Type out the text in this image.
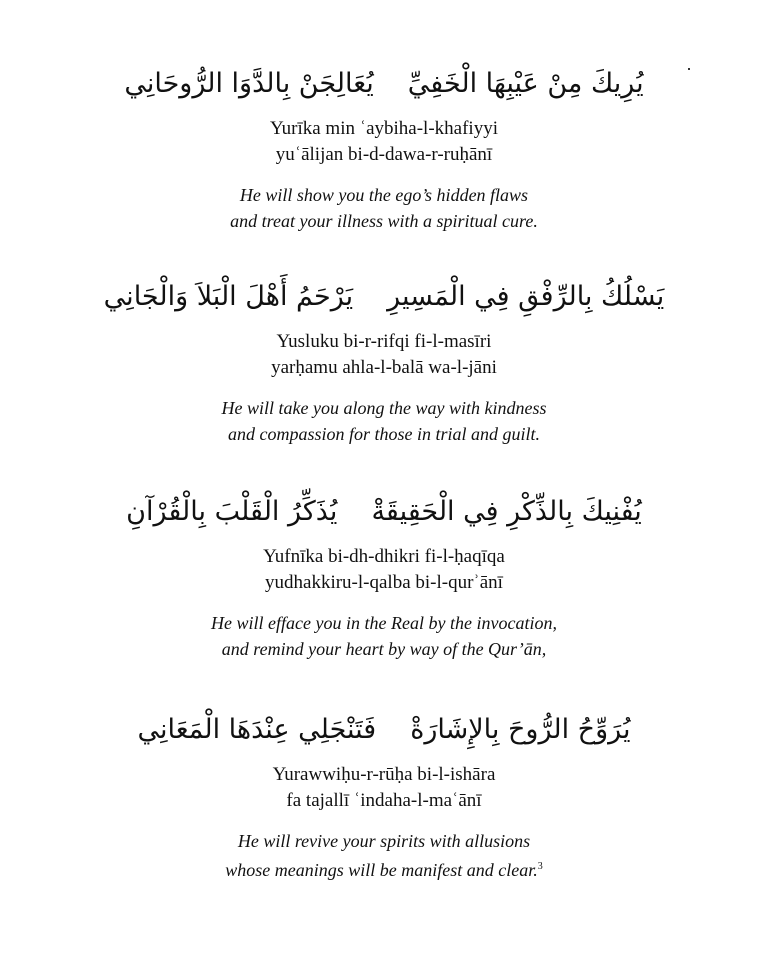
يُرِيكَ مِنْ عَيْبِهَا الْخَفِيِّيُعَالِجَنْ بِالدَّوَا الرُّوحَانِي

Yurīka min ʿaybiha-l-khafiyyi

yuʿālijan bi-d-dawa-r-ruḥānī

He will show you the ego’s hidden flaws

and treat your illness with a spiritual cure.

يَسْلُكُ بِالرِّفْقِ فِي الْمَسِيرِيَرْحَمُ أَهْلَ الْبَلاَ وَالْجَانِي

Yusluku bi-r-rifqi fi-l-masīri

yarḥamu ahla-l-balā wa-l-jāni

He will take you along the way with kindness

and compassion for those in trial and guilt.

يُفْنِيكَ بِالذِّكْرِ فِي الْحَقِيقَةْيُذَكِّرُ الْقَلْبَ بِالْقُرْآنِ

Yufnīka bi-dh-dhikri fi-l-ḥaqīqa

yudhakkiru-l-qalba bi-l-qurʾānī

He will efface you in the Real by the invocation,

and remind your heart by way of the Qur’ān,

يُرَوِّحُ الرُّوحَ بِالإِشَارَةْفَتَنْجَلِي عِنْدَهَا الْمَعَانِي

Yurawwiḥu-r-rūḥa bi-l-ishāra

fa tajallī ʿindaha-l-maʿānī

He will revive your spirits with allusions

whose meanings will be manifest and clear.$^3$
